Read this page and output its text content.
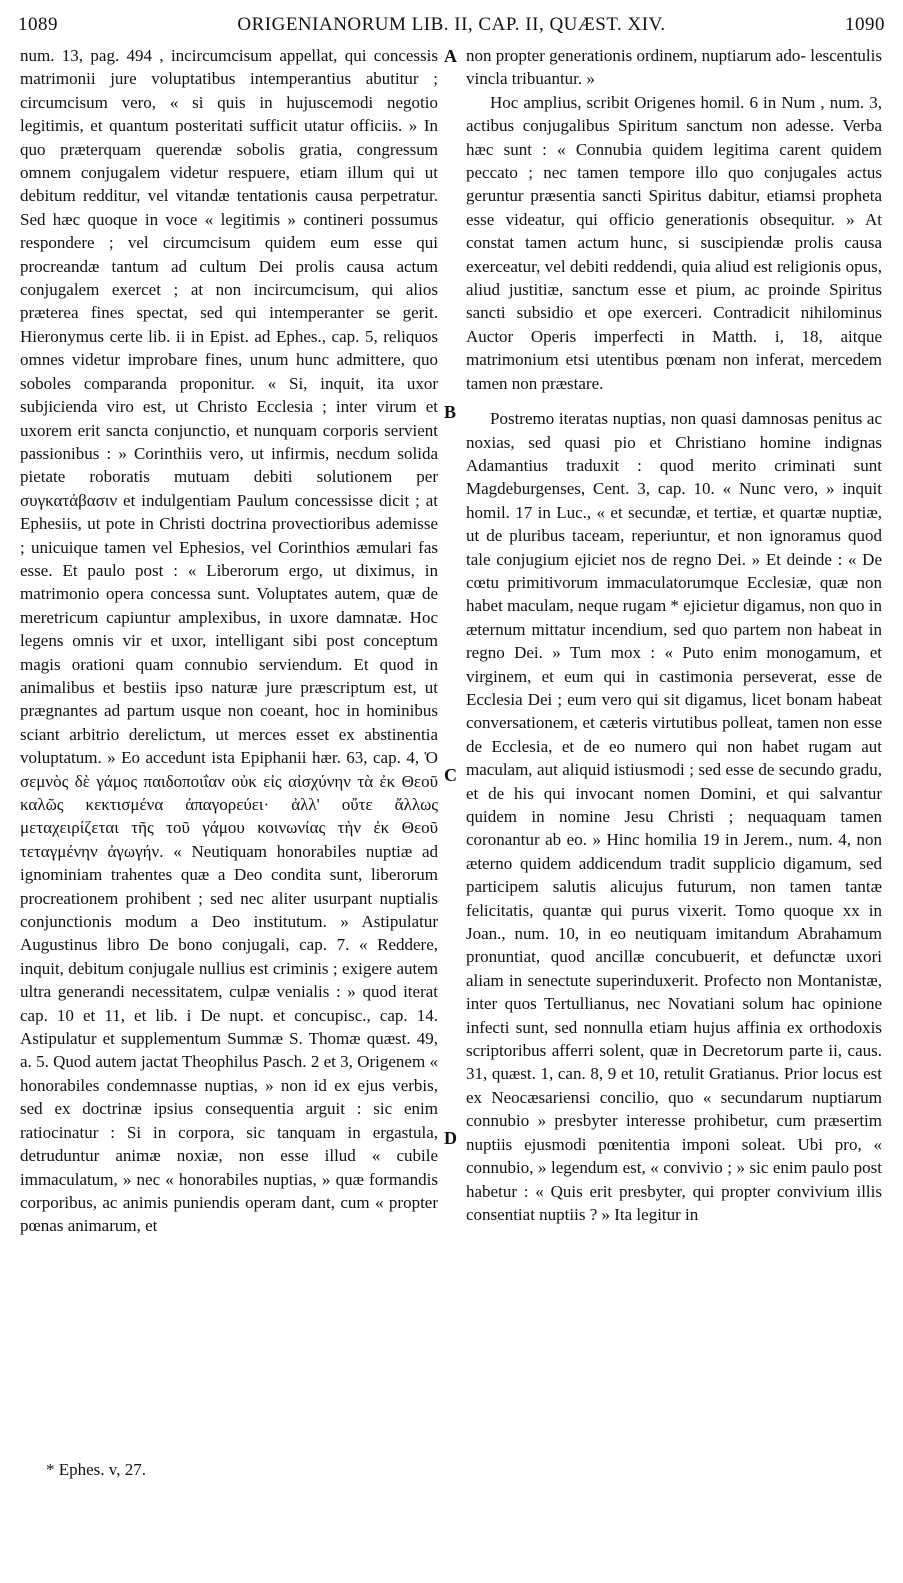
1089	ORIGENIANORUM LIB. II, CAP. II, QUÆST. XIV.	1090

num. 13, pag. 494 , incircumcisum appellat, qui concessis matrimonii jure voluptatibus intemperantius abutitur ; circumcisum vero, « si quis in hujuscemodi negotio legitimis, et quantum posteritati sufficit utatur officiis. » In quo præterquam querendæ sobolis gratia, congressum omnem conjugalem videtur respuere, etiam illum qui ut debitum redditur, vel vitandæ tentationis causa perpetratur. Sed hæc quoque in voce « legitimis » contineri possumus respondere ; vel circumcisum quidem eum esse qui procreandæ tantum ad cultum Dei prolis causa actum conjugalem exercet ; at non incircumcisum, qui alios præterea fines spectat, sed qui intemperanter se gerit. Hieronymus certe lib. ii in Epist. ad Ephes., cap. 5, reliquos omnes videtur improbare fines, unum hunc admittere, quo soboles comparanda proponitur. « Si, inquit, ita uxor subjicienda viro est, ut Christo Ecclesia ; inter virum et uxorem erit sancta conjunctio, et nunquam corporis servient passionibus : » Corinthiis vero, ut infirmis, necdum solida pietate roboratis mutuam debiti solutionem per συγκατάβασιν et indulgentiam Paulum concessisse dicit ; at Ephesiis, ut pote in Christi doctrina provectioribus ademisse ; unicuique tamen vel Ephesios, vel Corinthios æmulari fas esse. Et paulo post : « Liberorum ergo, ut diximus, in matrimonio opera concessa sunt. Voluptates autem, quæ de meretricum capiuntur amplexibus, in uxore damnatæ. Hoc legens omnis vir et uxor, intelligant sibi post conceptum magis orationi quam connubio serviendum. Et quod in animalibus et bestiis ipso naturæ jure præscriptum est, ut prægnantes ad partum usque non coeant, hoc in hominibus sciant arbitrio derelictum, ut merces esset ex abstinentia voluptatum. » Eo accedunt ista Epiphanii hær. 63, cap. 4, Ὁ σεμνὸς δὲ γάμος παιδοποιΐαν οὐκ εἰς αἰσχύνην τὰ ἐκ Θεοῦ καλῶς κεκτισμένα ἀπαγορεύει· ἀλλ' οὔτε ἄλλως μεταχειρίζεται τῆς τοῦ γάμου κοινωνίας τὴν ἐκ Θεοῦ τεταγμένην ἀγωγήν. « Neutiquam honorabiles nuptiæ ad ignominiam trahentes quæ a Deo condita sunt, liberorum procreationem prohibent ; sed nec aliter usurpant nuptialis conjunctionis modum a Deo institutum. » Astipulatur Augustinus libro De bono conjugali, cap. 7. « Reddere, inquit, debitum conjugale nullius est criminis ; exigere autem ultra generandi necessitatem, culpæ venialis : » quod iterat cap. 10 et 11, et lib. i De nupt. et concupisc., cap. 14. Astipulatur et supplementum Summæ S. Thomæ quæst. 49, a. 5. Quod autem jactat Theophilus Pasch. 2 et 3, Origenem « honorabiles condemnasse nuptias, » non id ex ejus verbis, sed ex doctrinæ ipsius consequentia arguit : sic enim ratiocinatur : Si in corpora, sic tanquam in ergastula, detruduntur animæ noxiæ, non esse illud « cubile immaculatum, » nec « honorabiles nuptias, » quæ formandis corporibus, ac animis puniendis operam dant, cum « propter pœnas animarum, et

A
B
C
D

non propter generationis ordinem, nuptiarum ado- lescentulis vincla tribuantur. »

Hoc amplius, scribit Origenes homil. 6 in Num , num. 3, actibus conjugalibus Spiritum sanctum non adesse. Verba hæc sunt : « Connubia quidem legitima carent quidem peccato ; nec tamen tempore illo quo conjugales actus geruntur præsentia sancti Spiritus dabitur, etiamsi propheta esse videatur, qui officio generationis obsequitur. » At constat tamen actum hunc, si suscipiendæ prolis causa exerceatur, vel debiti reddendi, quia aliud est religionis opus, aliud justitiæ, sanctum esse et pium, ac proinde Spiritus sancti subsidio et ope exerceri. Contradicit nihilominus Auctor Operis imperfecti in Matth. i, 18, aitque matrimonium etsi utentibus pœnam non inferat, mercedem tamen non præstare.

Postremo iteratas nuptias, non quasi damnosas penitus ac noxias, sed quasi pio et Christiano homine indignas Adamantius traduxit : quod merito criminati sunt Magdeburgenses, Cent. 3, cap. 10. « Nunc vero, » inquit homil. 17 in Luc., « et secundæ, et tertiæ, et quartæ nuptiæ, ut de pluribus taceam, reperiuntur, et non ignoramus quod tale conjugium ejiciet nos de regno Dei. » Et deinde : « De cœtu primitivorum immaculatorumque Ecclesiæ, quæ non habet maculam, neque rugam * ejicietur digamus, non quo in æternum mittatur incendium, sed quo partem non habeat in regno Dei. » Tum mox : « Puto enim monogamum, et virginem, et eum qui in castimonia perseverat, esse de Ecclesia Dei ; eum vero qui sit digamus, licet bonam habeat conversationem, et cæteris virtutibus polleat, tamen non esse de Ecclesia, et de eo numero qui non habet rugam aut maculam, aut aliquid istiusmodi ; sed esse de secundo gradu, et de his qui invocant nomen Domini, et qui salvantur quidem in nomine Jesu Christi ; nequaquam tamen coronantur ab eo. » Hinc homilia 19 in Jerem., num. 4, non æterno quidem addicendum tradit supplicio digamum, sed participem salutis alicujus futurum, non tamen tantæ felicitatis, quantæ qui purus vixerit. Tomo quoque xx in Joan., num. 10, in eo neutiquam imitandum Abrahamum pronuntiat, quod ancillæ concubuerit, et defunctæ uxori aliam in senectute superinduxerit. Profecto non Montanistæ, inter quos Tertullianus, nec Novatiani solum hac opinione infecti sunt, sed nonnulla etiam hujus affinia ex orthodoxis scriptoribus afferri solent, quæ in Decretorum parte ii, caus. 31, quæst. 1, can. 8, 9 et 10, retulit Gratianus. Prior locus est ex Neocæsariensi concilio, quo « secundarum nuptiarum connubio » presbyter interesse prohibetur, cum præsertim nuptiis ejusmodi pœnitentia imponi soleat. Ubi pro, « connubio, » legendum est, « convivio ; » sic enim paulo post habetur : « Quis erit presbyter, qui propter convivium illis consentiat nuptiis ? » Ita legitur in

* Ephes. v, 27.
